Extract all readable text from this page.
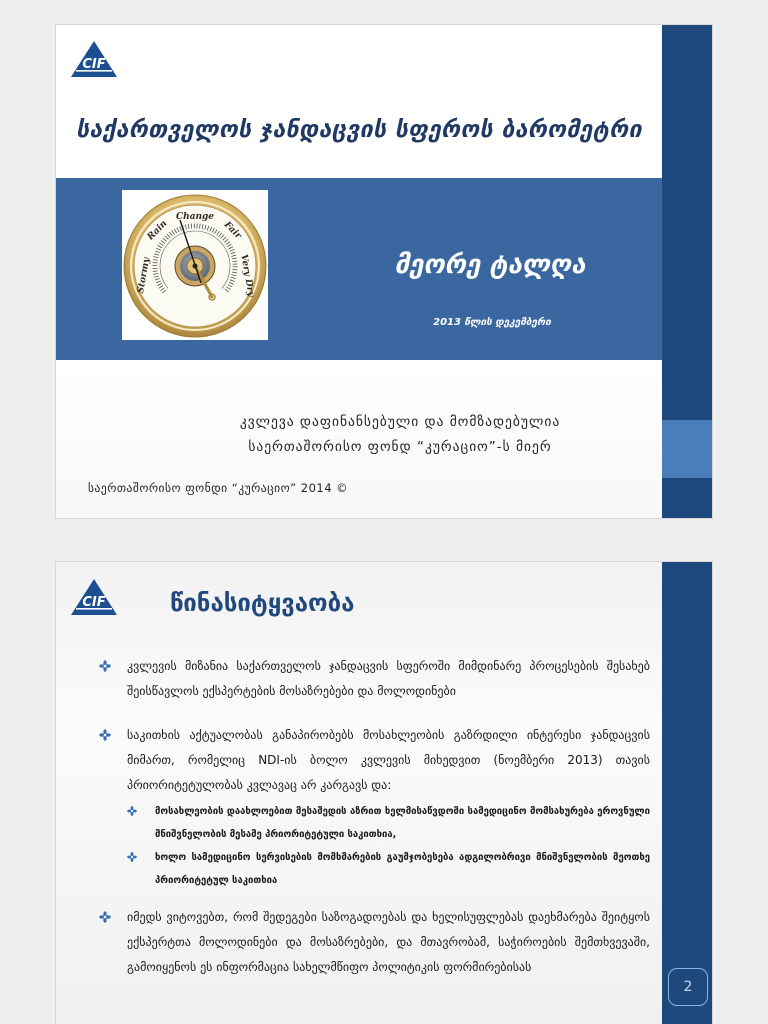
CIF
საქართველოს ჯანდაცვის სფეროს ბარომეტრი
Change
Rain	Fair
Stormy	Very Dry	მეორე ტალღა
2013 წლის დეკემბერი
კვლევა დაფინანსებული და მომზადებულია
საერთაშორისო ფონდ “კურაციო”-ს მიერ
საერთაშორისო ფონდი “კურაციო” 2014 ©
CIF	წინასიტყვაობა
კვლევის მიზანია საქართველოს ჯანდაცვის სფეროში მიმდინარე პროცესების შესახებ შეისწავლოს ექსპერტების მოსაზრებები და მოლოდინები
საკითხის აქტუალობას განაპირობებს მოსახლეობის გაზრდილი ინტერესი ჯანდაცვის მიმართ, რომელიც NDI-ის ბოლო კვლევის მიხედვით (ნოემბერი 2013) თავის პრიორიტეტულობას კვლავაც არ კარგავს და:
მოსახლეობის დაახლოებით მესამედის აზრით ხელმისაწვდომი სამედიცინო მომსახურება ეროვნული მნიშვნელობის მესამე პრიორიტეტული საკითხია,
ხოლო სამედიცინო სერვისების მომხმარების გაუმჯობესება ადგილობრივი მნიშვნელობის მეოთხე პრიორიტეტულ საკითხია
იმედს ვიტოვებთ, რომ შედეგები საზოგადოებას და ხელისუფლებას დაეხმარება შეიტყოს ექსპერტთა მოლოდინები და მოსაზრებები, და მთავრობამ, საჭიროების შემთხვევაში, გამოიყენოს ეს ინფორმაცია სახელმწიფო პოლიტიკის ფორმირებისას
2
